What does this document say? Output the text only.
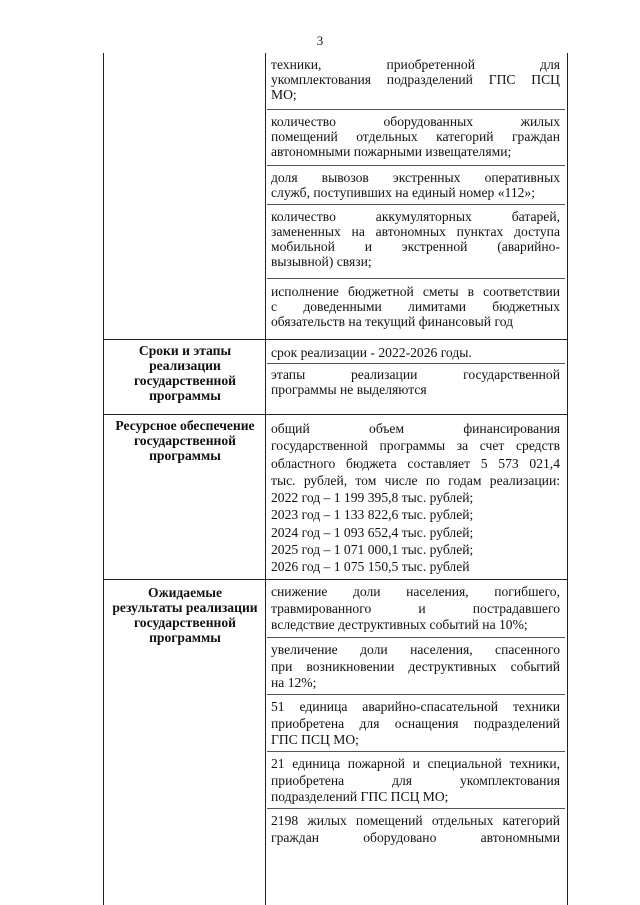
3
техники, приобретенной для
укомплектования подразделений ГПС ПСЦ
МО;
количество оборудованных жилых
помещений отдельных категорий граждан
автономными пожарными извещателями;
доля вывозов экстренных оперативных
служб, поступивших на единый номер «112»;
количество аккумуляторных батарей,
замененных на автономных пунктах доступа
мобильной и экстренной (аварийно-
вызывной) связи;
исполнение бюджетной сметы в соответствии
с доведенными лимитами бюджетных
обязательств на текущий финансовый год
Сроки и этапы
реализации
государственной
программы
срок реализации - 2022-2026 годы.
этапы реализации государственной
программы не выделяются
Ресурсное обеспечение
государственной
программы
общий объем финансирования
государственной программы за счет средств
областного бюджета составляет 5 573 021,4
тыс. рублей, том числе по годам реализации:
2022 год – 1 199 395,8 тыс. рублей;
2023 год – 1 133 822,6 тыс. рублей;
2024 год – 1 093 652,4 тыс. рублей;
2025 год – 1 071 000,1 тыс. рублей;
2026 год – 1 075 150,5 тыс. рублей
Ожидаемые
результаты реализации
государственной
программы
снижение доли населения, погибшего,
травмированного и пострадавшего
вследствие деструктивных событий на 10%;
увеличение доли населения, спасенного
при возникновении деструктивных событий
на 12%;
51 единица аварийно-спасательной техники
приобретена для оснащения подразделений
ГПС ПСЦ МО;
21 единица пожарной и специальной техники,
приобретена для укомплектования
подразделений ГПС ПСЦ МО;
2198 жилых помещений отдельных категорий
граждан оборудовано автономными
